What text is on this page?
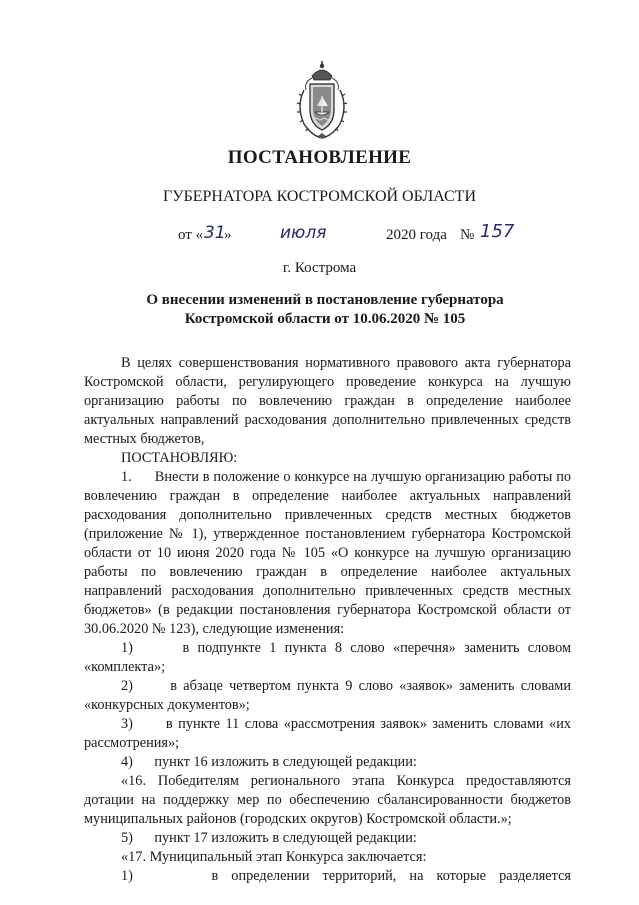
ПОСТАНОВЛЕНИЕ
ГУБЕРНАТОРА КОСТРОМСКОЙ ОБЛАСТИ
от « 31
»	июля	2020 года № 157
г. Кострома
О внесении изменений в постановление губернатора
Костромской области от 10.06.2020 № 105

В целях совершенствования нормативного правового акта губернатора Костромской области, регулирующего проведение конкурса на лучшую организацию работы по вовлечению граждан в определение наиболее актуальных направлений расходования дополнительно привлеченных средств местных бюджетов,

ПОСТАНОВЛЯЮ:

1. Внести в положение о конкурсе на лучшую организацию работы по вовлечению граждан в определение наиболее актуальных направлений расходования дополнительно привлеченных средств местных бюджетов (приложение № 1), утвержденное постановлением губернатора Костромской области от 10 июня 2020 года № 105 «О конкурсе на лучшую организацию работы по вовлечению граждан в определение наиболее актуальных направлений расходования дополнительно привлеченных средств местных бюджетов» (в редакции постановления губернатора Костромской области от 30.06.2020 № 123), следующие изменения:

1)	в подпункте 1 пункта 8 слово «перечня» заменить словом «комплекта»;

2)	в абзаце четвертом пункта 9 слово «заявок» заменить словами «конкурсных документов»;

3) в пункте 11 слова «рассмотрения заявок» заменить словами «их рассмотрения»;

4) пункт 16 изложить в следующей редакции:

«16. Победителям регионального этапа Конкурса предоставляются дотации на поддержку мер по обеспечению сбалансированности бюджетов муниципальных районов (городских округов) Костромской области.»;

5) пункт 17 изложить в следующей редакции:

«17. Муниципальный этап Конкурса заключается:

1)	в определении территорий, на которые разделяется
